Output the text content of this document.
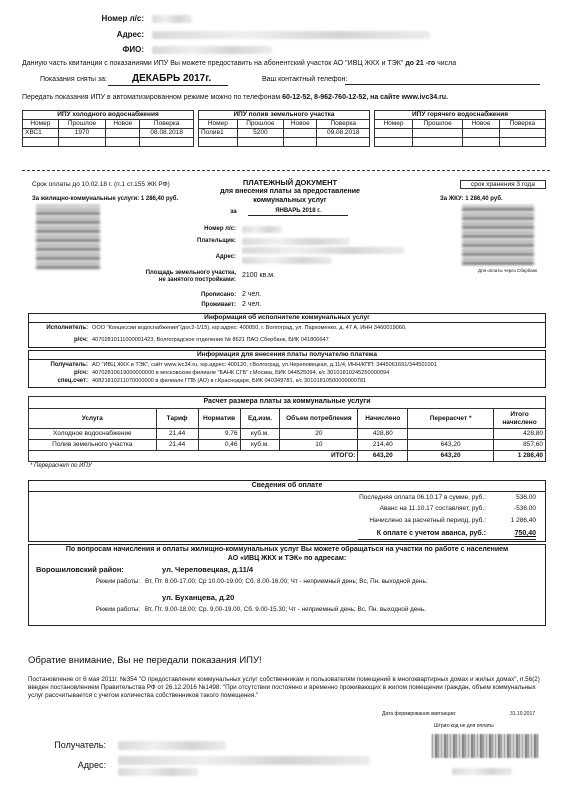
Номер л/с:
Адрес:
ФИО:
Данную часть квитанции с показаниями ИПУ Вы можете предоставить на абонентский участок АО "ИВЦ ЖКХ и ТЭК" до 21 -го числа
Показания сняты за:	ДЕКАБРЬ 2017г.	Ваш контактный телефон:
Передать показания ИПУ в автоматизированном режиме можно по телефонам 60-12-52, 8-962-760-12-52, на сайте www.ivc34.ru.
ИПУ холодного водоснабжения			
Номер	Прошлое	Новое	Поверка
ХВС1	1970		08.08.2018

ИПУ полив земельного участка			
Номер	Прошлое	Новое	Поверка
Полив1	5200		09.08.2018

ИПУ горячего водоснабжения			
Номер	Прошлое	Новое	Поверка

Срок оплаты до 10.02.18 г. (п.1 ст.155 ЖК РФ)	срок хранения 3 года
ПЛАТЕЖНЫЙ ДОКУМЕНТ
для внесения платы за предоставление
коммунальных услуг
за	ЯНВАРЬ 2018 г.
За жилищно-коммунальные услуги: 1 286,40 руб.	За ЖКУ: 1 286,40 руб.
Для оплаты через Сбербанк
Номер л/с:
Плательщик:
Адрес:
Площадь земельного участка,
не занятого постройками:
2100 кв.м.
Прописано: 2 чел.
Проживает: 2 чел.
Информация об исполнителе коммунальных услуг
Исполнитель: ООО "Концессии водоснабжения"(дог.2-1/15), юр.адрес: 400050, г. Волгоград, ул. Пархоменко, д. 47 А, ИНН 3460019060,
р/сч: 40702810111000001423, Волгоградское отделение № 8621 ПАО Сбербанк, БИК 041806647
Информация для внесения платы получателю платежа
Получатель: АО "ИВЦ ЖКХ и ТЭК", сайт www.ivc34.ru, юр.адрес: 400120, г.Волгоград, ул.Череповецкая, д.11/4, ИНН/КПП: 3445061691/344501001
р/сч: 40702810619000000000 в московском филиале "БАНК СГБ" г.Москва, БИК 044525094, к/с 30101810245250000094
спец.счет: 40821810211070000000 в филиале ГПБ (АО) в г.Краснодаре, БИК 040349781, к/с 30101810500000000781
Расчет размера платы за коммунальные услуги							
Услуга	Тариф	Норматив	Ед.изм.	Объем потребления	Начислено	Перерасчет *	Итого начислено
Холодное водоснабжение	21,44	9,76	куб.м.	20	428,80		428,80
Полив земельного участка	21,44	0,46	куб.м.	10	214,40	643,20	857,60
ИТОГО:					643,20	643,20	1 286,40
* Перерасчет по ИПУ
Сведения об оплате
Последняя оплата 06.10.17 в сумме, руб.:	536.00
Аванс на 11.10.17 составляет, руб.:	-536.00
Начислено за расчетный период, руб.:	1 286,40
К оплате с учетом аванса, руб.:	750,40
По вопросам начисления и оплаты жилищно-коммунальных услуг Вы можете обращаться на участки по работе с населением
АО «ИВЦ ЖКХ и ТЭК» по адресам:
Ворошиловский район:	ул. Череповецкая, д.11/4
Режим работы: Вт, Пт. 8.00-17.00; Ср 10.00-19.00; Сб. 8.00-16.00; Чт - неприемный день; Вс, Пн. выходной день.
ул. Буханцева, д.20
Режим работы: Вт, Пт. 9.00-18.00; Ср. 9.00-19.00, Сб. 9.00-15.30; Чт - неприемный день; Вс, Пн. выходной день.
Обратие внимание, Вы не передали показания ИПУ!
Постановление от 6 мая 2011г. №354 "О предоставлении коммунальных услуг собственникам и пользователям помещений в многоквартирных домах и жилых домах", п.56(2) введен постановлением Правительства РФ от 26.12.2016 №1498: "При отсутствии постоянно и временно проживающих в жилом помещении граждан, объем коммунальных услуг рассчитывается с учетом количества собственников такого помещения."
Дата формирования квитанции:	31.10.2017
Штрих-код не для оплаты
Получатель:
Адрес:
